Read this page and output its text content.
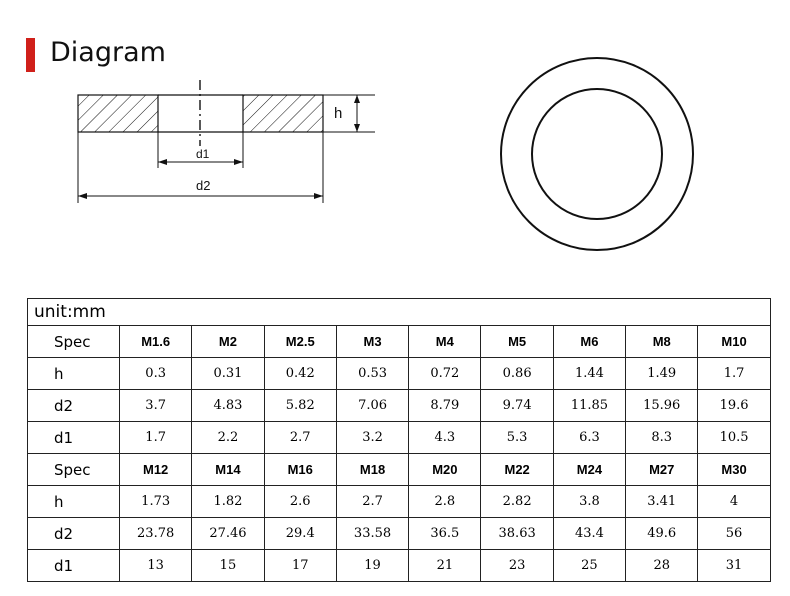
Diagram
h
d1
d2
unit:mm									
Spec	M1.6	M2	M2.5	M3	M4	M5	M6	M8	M10
h	0.3	0.31	0.42	0.53	0.72	0.86	1.44	1.49	1.7
d2	3.7	4.83	5.82	7.06	8.79	9.74	11.85	15.96	19.6
d1	1.7	2.2	2.7	3.2	4.3	5.3	6.3	8.3	10.5
Spec	M12	M14	M16	M18	M20	M22	M24	M27	M30
h	1.73	1.82	2.6	2.7	2.8	2.82	3.8	3.41	4
d2	23.78	27.46	29.4	33.58	36.5	38.63	43.4	49.6	56
d1	13	15	17	19	21	23	25	28	31
